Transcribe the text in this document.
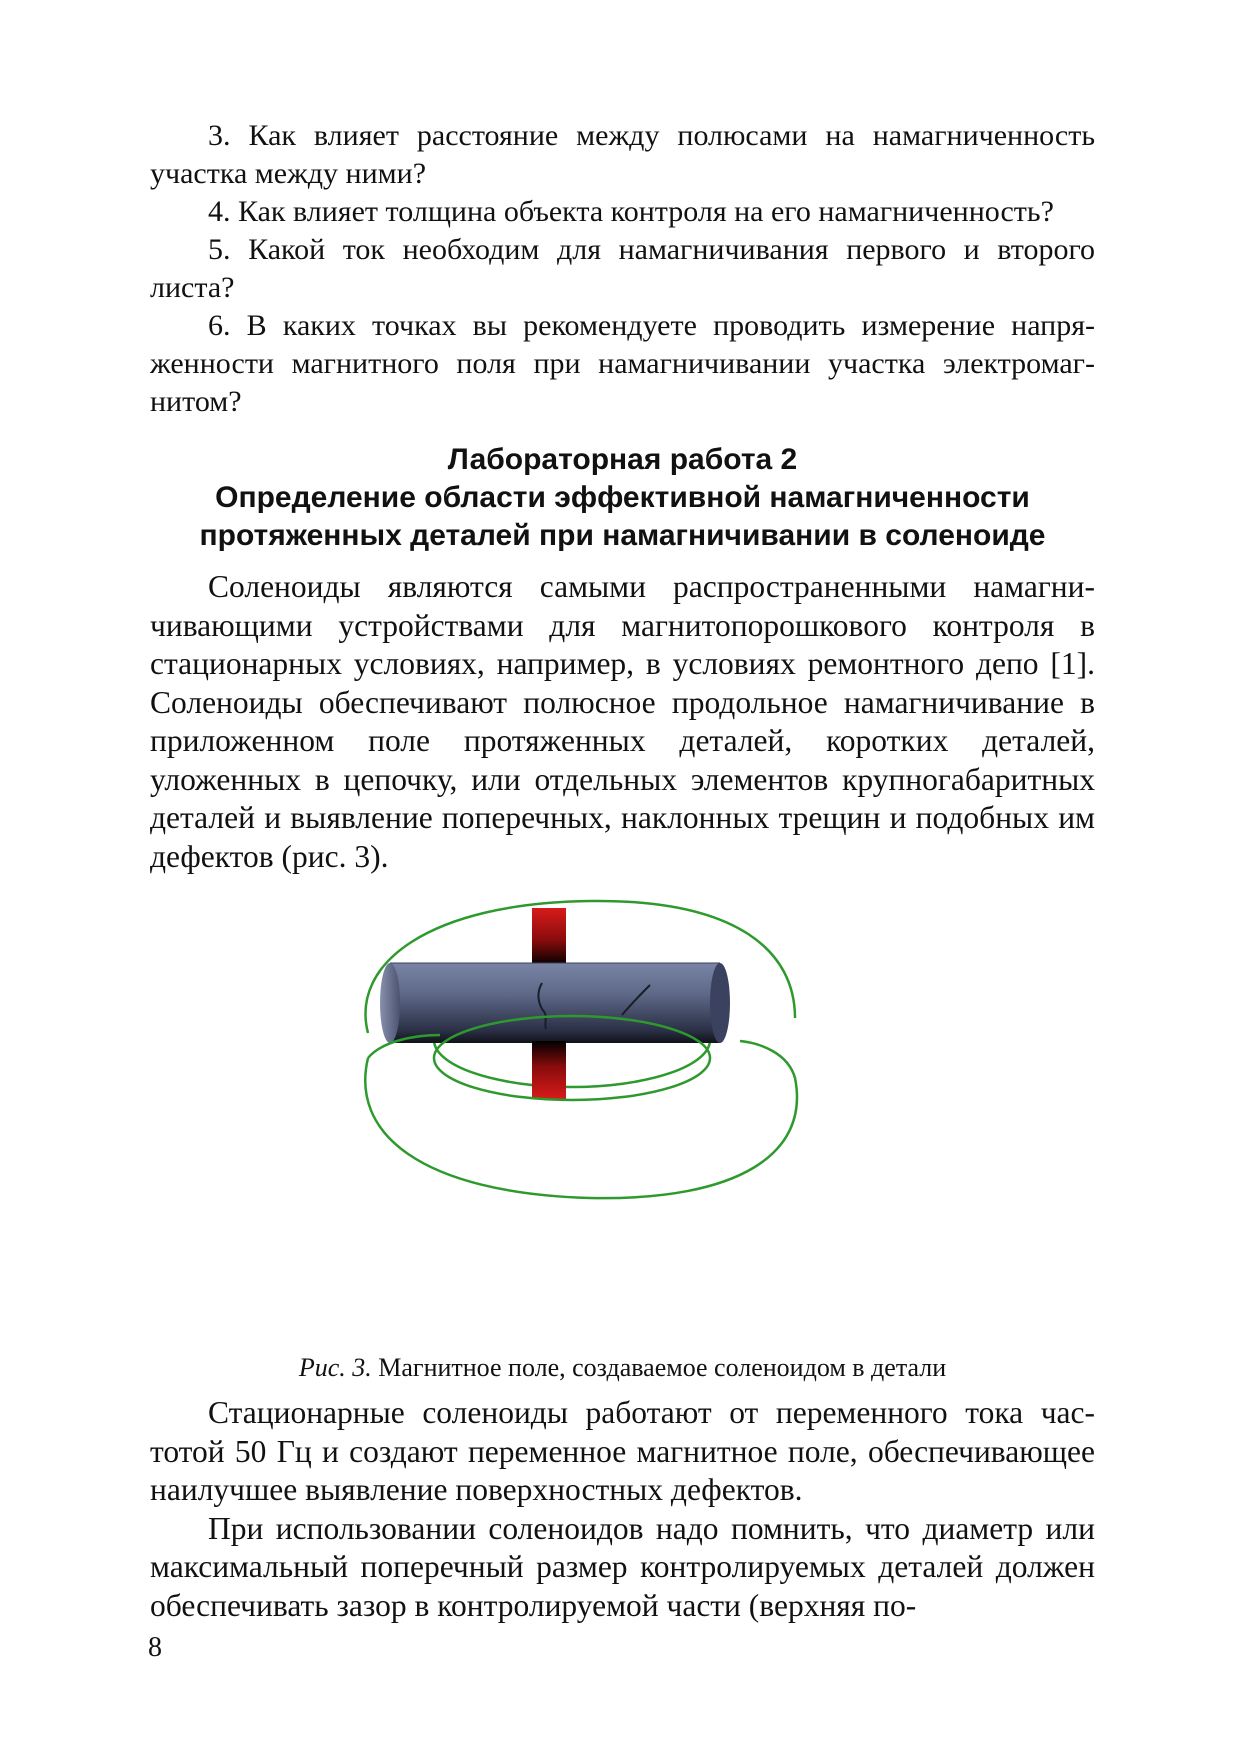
3. Как влияет расстояние между полюсами на намагниченность участка между ними?

4. Как влияет толщина объекта контроля на его намагниченность?

5. Какой ток необходим для намагничивания первого и второго листа?

6. В каких точках вы рекомендуете проводить измерение напряженности магнитного поля при намагничивании участка электромагнитом?

Лабораторная работа 2
Определение области эффективной намагниченности
протяженных деталей при намагничивании в соленоиде

Соленоиды являются самыми распространенными намагничивающими устройствами для магнитопорошкового контроля в стационарных условиях, например, в условиях ремонтного депо [1]. Соленоиды обеспечивают полюсное продольное намагничивание в приложенном поле протяженных деталей, коротких деталей, уложенных в цепочку, или отдельных элементов крупногабаритных деталей и выявление поперечных, наклонных трещин и подобных им дефектов (рис. 3).

Рис. 3. Магнитное поле, создаваемое соленоидом в детали

Стационарные соленоиды работают от переменного тока частотой 50 Гц и создают переменное магнитное поле, обеспечивающее наилучшее выявление поверхностных дефектов.

При использовании соленоидов надо помнить, что диаметр или максимальный поперечный размер контролируемых деталей должен обеспечивать зазор в контролируемой части (верхняя по-

8
